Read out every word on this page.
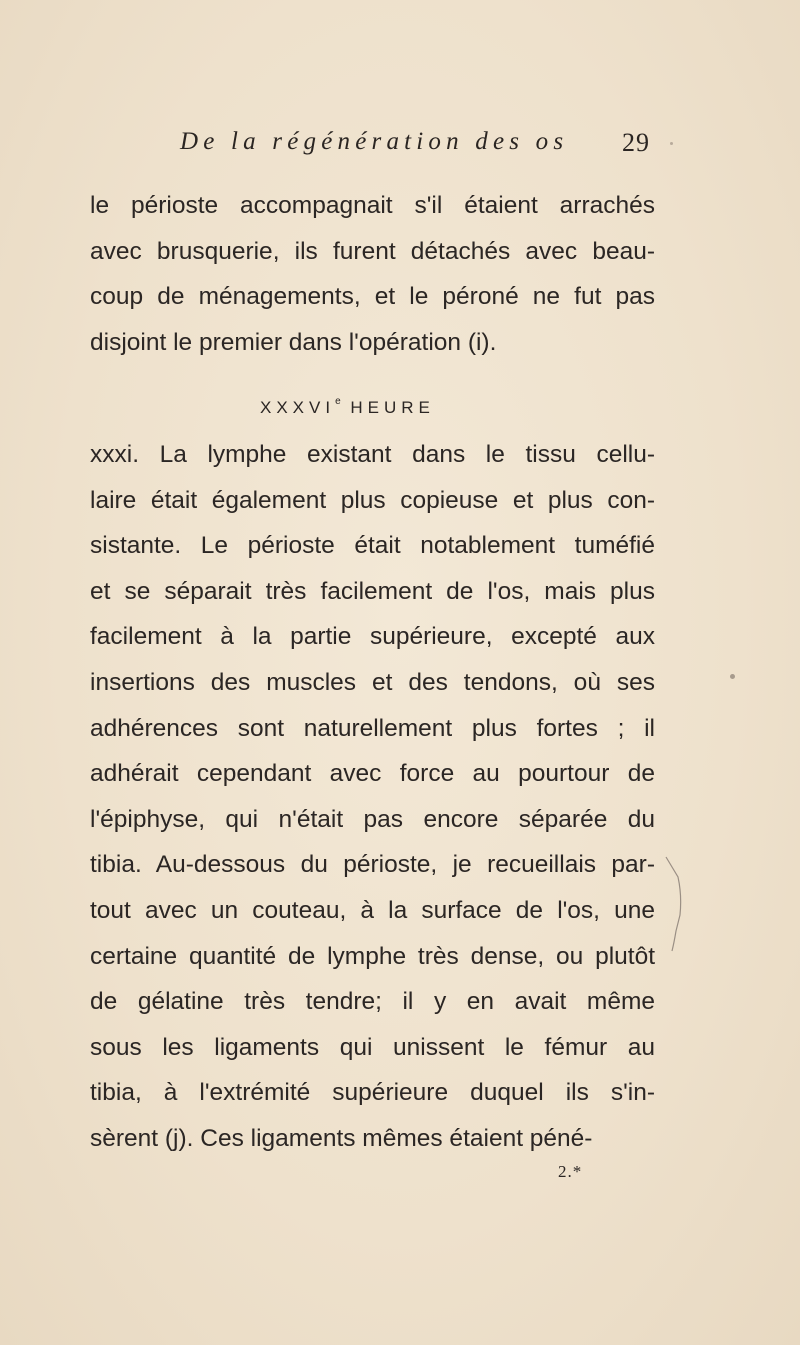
De la régénération des os 29
le périoste accompagnait s'il étaient arrachés
avec brusquerie, ils furent détachés avec beau-
coup de ménagements, et le péroné ne fut pas
disjoint le premier dans l'opération (i).
XXXVIe HEURE
xxxi. La lymphe existant dans le tissu cellu-
laire était également plus copieuse et plus con-
sistante. Le périoste était notablement tuméfié
et se séparait très facilement de l'os, mais plus
facilement à la partie supérieure, excepté aux
insertions des muscles et des tendons, où ses
adhérences sont naturellement plus fortes ; il
adhérait cependant avec force au pourtour de
l'épiphyse, qui n'était pas encore séparée du
tibia. Au-dessous du périoste, je recueillais par-
tout avec un couteau, à la surface de l'os, une
certaine quantité de lymphe très dense, ou plutôt
de gélatine très tendre; il y en avait même
sous les ligaments qui unissent le fémur au
tibia, à l'extrémité supérieure duquel ils s'in-
sèrent (j). Ces ligaments mêmes étaient péné-
2.*
